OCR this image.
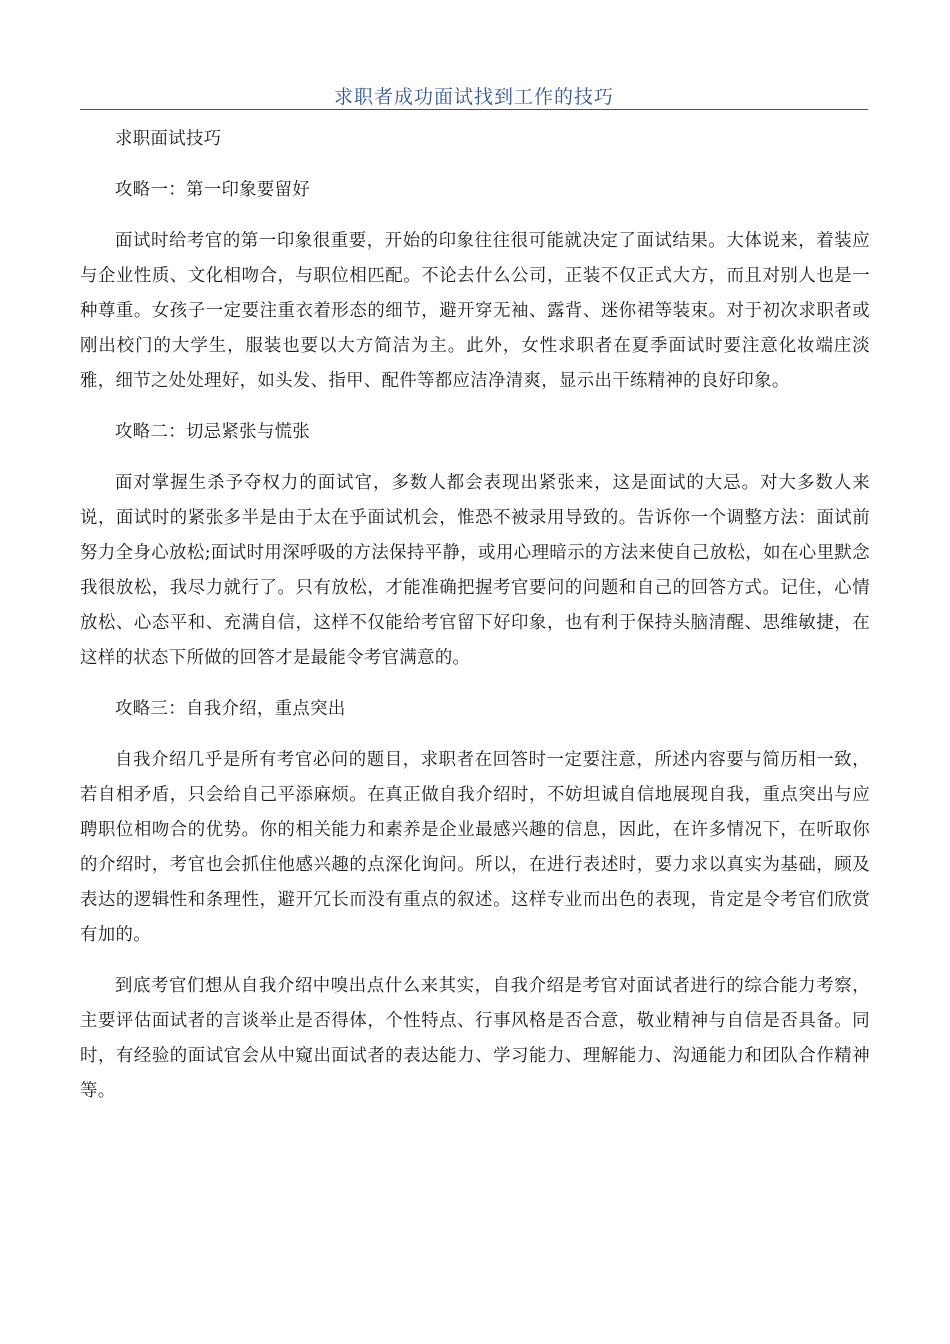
求职者成功面试找到工作的技巧

求职面试技巧

攻略一：第一印象要留好

面试时给考官的第一印象很重要，开始的印象往往很可能就决定了面试结果。大体说来，着装应与企业性质、文化相吻合，与职位相匹配。不论去什么公司，正装不仅正式大方，而且对别人也是一种尊重。女孩子一定要注重衣着形态的细节，避开穿无袖、露背、迷你裙等装束。对于初次求职者或刚出校门的大学生，服装也要以大方简洁为主。此外，女性求职者在夏季面试时要注意化妆端庄淡雅，细节之处处理好，如头发、指甲、配件等都应洁净清爽，显示出干练精神的良好印象。

攻略二：切忌紧张与慌张

面对掌握生杀予夺权力的面试官，多数人都会表现出紧张来，这是面试的大忌。对大多数人来说，面试时的紧张多半是由于太在乎面试机会，惟恐不被录用导致的。告诉你一个调整方法：面试前努力全身心放松;面试时用深呼吸的方法保持平静，或用心理暗示的方法来使自己放松，如在心里默念我很放松，我尽力就行了。只有放松，才能准确把握考官要问的问题和自己的回答方式。记住，心情放松、心态平和、充满自信，这样不仅能给考官留下好印象，也有利于保持头脑清醒、思维敏捷，在这样的状态下所做的回答才是最能令考官满意的。

攻略三：自我介绍，重点突出

自我介绍几乎是所有考官必问的题目，求职者在回答时一定要注意，所述内容要与简历相一致，若自相矛盾，只会给自己平添麻烦。在真正做自我介绍时，不妨坦诚自信地展现自我，重点突出与应聘职位相吻合的优势。你的相关能力和素养是企业最感兴趣的信息，因此，在许多情况下，在听取你的介绍时，考官也会抓住他感兴趣的点深化询问。所以，在进行表述时，要力求以真实为基础，顾及表达的逻辑性和条理性，避开冗长而没有重点的叙述。这样专业而出色的表现，肯定是令考官们欣赏有加的。

到底考官们想从自我介绍中嗅出点什么来其实，自我介绍是考官对面试者进行的综合能力考察，主要评估面试者的言谈举止是否得体，个性特点、行事风格是否合意，敬业精神与自信是否具备。同时，有经验的面试官会从中窥出面试者的表达能力、学习能力、理解能力、沟通能力和团队合作精神等。
